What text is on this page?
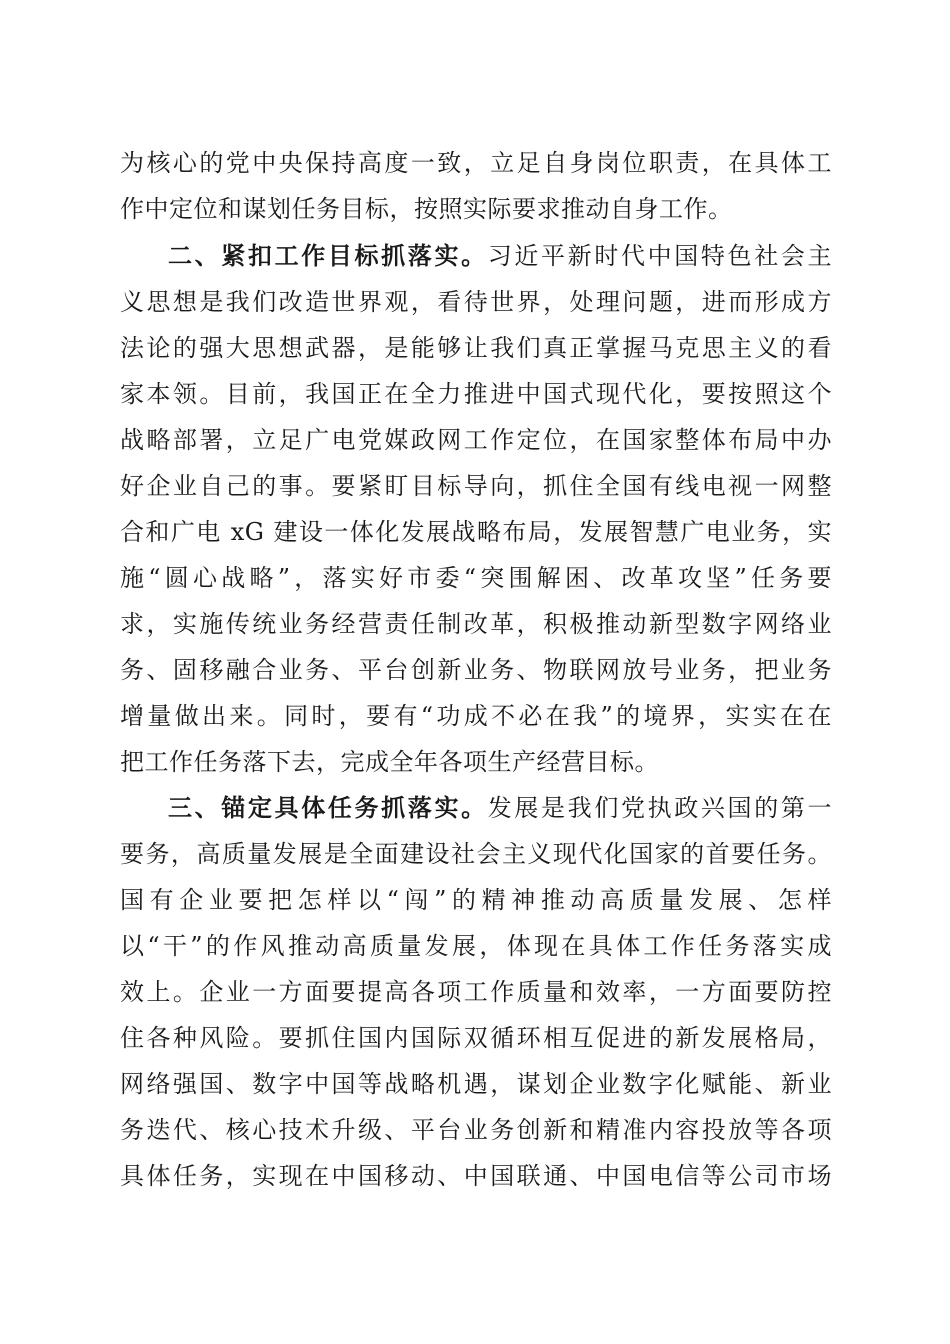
为核心的党中央保持高度一致，立足自身岗位职责，在具体工
作中定位和谋划任务目标，按照实际要求推动自身工作。
二、紧扣工作目标抓落实。习近平新时代中国特色社会主
义思想是我们改造世界观，看待世界，处理问题，进而形成方
法论的强大思想武器，是能够让我们真正掌握马克思主义的看
家本领。目前，我国正在全力推进中国式现代化，要按照这个
战略部署，立足广电党媒政网工作定位，在国家整体布局中办
好企业自己的事。要紧盯目标导向，抓住全国有线电视一网整
合和广电 xG 建设一体化发展战略布局，发展智慧广电业务，实
施“圆心战略”，落实好市委“突围解困、改革攻坚”任务要
求，实施传统业务经营责任制改革，积极推动新型数字网络业
务、固移融合业务、平台创新业务、物联网放号业务，把业务
增量做出来。同时，要有“功成不必在我”的境界，实实在在
把工作任务落下去，完成全年各项生产经营目标。
三、锚定具体任务抓落实。发展是我们党执政兴国的第一
要务，高质量发展是全面建设社会主义现代化国家的首要任务。
国有企业要把怎样以“闯”的精神推动高质量发展、怎样
以“干”的作风推动高质量发展，体现在具体工作任务落实成
效上。企业一方面要提高各项工作质量和效率，一方面要防控
住各种风险。要抓住国内国际双循环相互促进的新发展格局，
网络强国、数字中国等战略机遇，谋划企业数字化赋能、新业
务迭代、核心技术升级、平台业务创新和精准内容投放等各项
具体任务，实现在中国移动、中国联通、中国电信等公司市场
